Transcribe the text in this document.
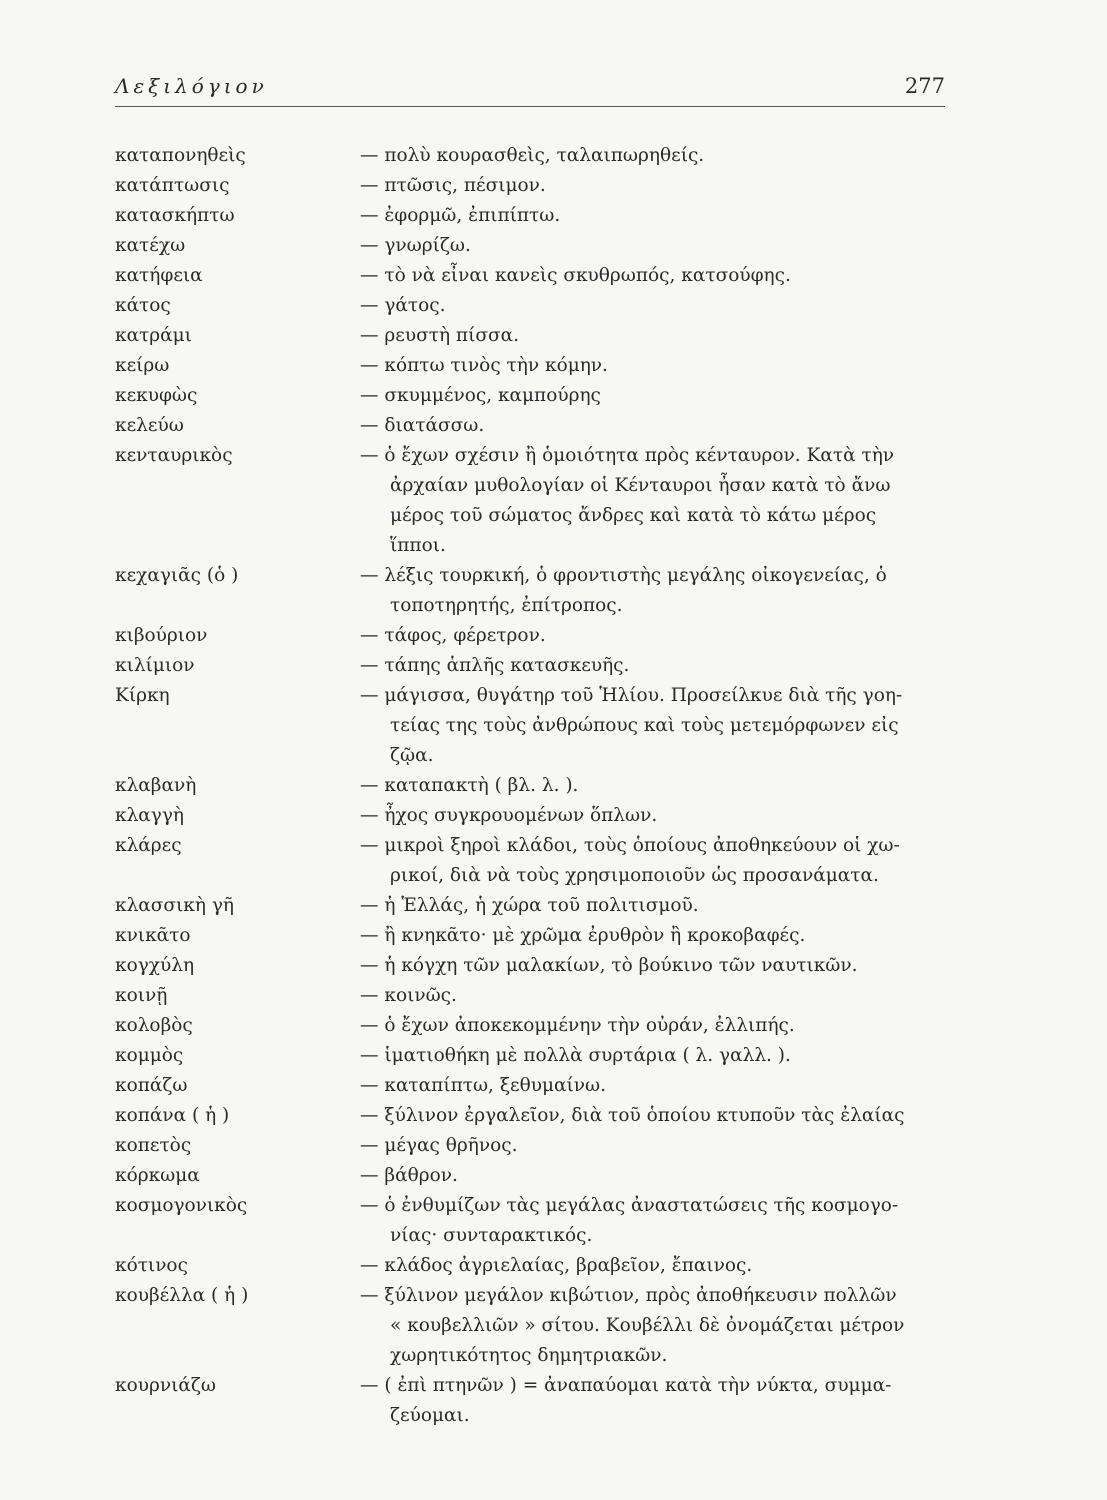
Λεξιλόγιον	277
καταπονηθεὶς	— πολὺ κουρασθεὶς, ταλαιπωρηθείς.
κατάπτωσις	— πτῶσις, πέσιμον.
κατασκήπτω	— ἐφορμῶ, ἐπιπίπτω.
κατέχω	— γνωρίζω.
κατήφεια	— τὸ νὰ εἶναι κανεὶς σκυθρωπός, κατσούφης.
κάτος	— γάτος.
κατράμι	— ρευστὴ πίσσα.
κείρω	— κόπτω τινὸς τὴν κόμην.
κεκυφὼς	— σκυμμένος, καμπούρης
κελεύω	— διατάσσω.
κενταυρικὸς	— ὁ ἔχων σχέσιν ἢ ὁμοιότητα πρὸς κένταυρον. Κατὰ τὴν
ἀρχαίαν μυθολογίαν οἱ Κένταυροι ἦσαν κατὰ τὸ ἄνω
μέρος τοῦ σώματος ἄνδρες καὶ κατὰ τὸ κάτω μέρος
ἵπποι.
κεχαγιᾶς (ὁ )	— λέξις τουρκική, ὁ φροντιστὴς μεγάλης οἰκογενείας, ὁ
τοποτηρητής, ἐπίτροπος.
κιβούριον	— τάφος, φέρετρον.
κιλίμιον	— τάπης ἁπλῆς κατασκευῆς.
Κίρκη	— μάγισσα, θυγάτηρ τοῦ Ἡλίου. Προσείλκυε διὰ τῆς γοη-
τείας της τοὺς ἀνθρώπους καὶ τοὺς μετεμόρφωνεν εἰς
ζῷα.
κλαβανὴ	— καταπακτὴ ( βλ. λ. ).
κλαγγὴ	— ἦχος συγκρουομένων ὅπλων.
κλάρες	— μικροὶ ξηροὶ κλάδοι, τοὺς ὁποίους ἀποθηκεύουν οἱ χω-
ρικοί, διὰ νὰ τοὺς χρησιμοποιοῦν ὡς προσανάματα.
κλασσικὴ γῆ	— ἡ Ἑλλάς, ἡ χώρα τοῦ πολιτισμοῦ.
κνικᾶτο	— ἢ κνηκᾶτο· μὲ χρῶμα ἐρυθρὸν ἢ κροκοβαφές.
κογχύλη	— ἡ κόγχη τῶν μαλακίων, τὸ βούκινο τῶν ναυτικῶν.
κοινῇ	— κοινῶς.
κολοβὸς	— ὁ ἔχων ἀποκεκομμένην τὴν οὐράν, ἐλλιπής.
κομμὸς	— ἱματιοθήκη μὲ πολλὰ συρτάρια ( λ. γαλλ. ).
κοπάζω	— καταπίπτω, ξεθυμαίνω.
κοπάνα ( ἡ )	— ξύλινον ἐργαλεῖον, διὰ τοῦ ὁποίου κτυποῦν τὰς ἐλαίας
κοπετὸς	— μέγας θρῆνος.
κόρκωμα	— βάθρον.
κοσμογονικὸς	— ὁ ἐνθυμίζων τὰς μεγάλας ἀναστατώσεις τῆς κοσμογο-
νίας· συνταρακτικός.
κότινος	— κλάδος ἀγριελαίας, βραβεῖον, ἔπαινος.
κουβέλλα ( ἡ )	— ξύλινον μεγάλον κιβώτιον, πρὸς ἀποθήκευσιν πολλῶν
« κουβελλιῶν » σίτου. Κουβέλλι δὲ ὀνομάζεται μέτρον
χωρητικότητος δημητριακῶν.
κουρνιάζω	— ( ἐπὶ πτηνῶν ) = ἀναπαύομαι κατὰ τὴν νύκτα, συμμα-
ζεύομαι.
